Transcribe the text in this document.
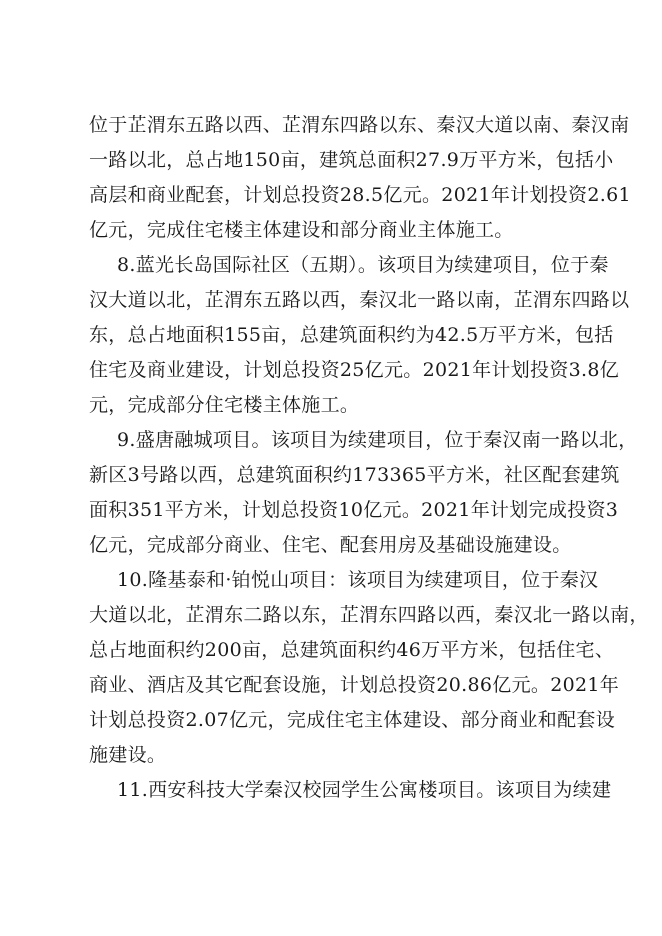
位于芷渭东五路以西、芷渭东四路以东、秦汉大道以南、秦汉南
一路以北，总占地150亩，建筑总面积27.9万平方米，包括小
高层和商业配套，计划总投资28.5亿元。2021年计划投资2.61
亿元，完成住宅楼主体建设和部分商业主体施工。
8.蓝光长岛国际社区（五期）。该项目为续建项目，位于秦
汉大道以北，芷渭东五路以西，秦汉北一路以南，芷渭东四路以
东，总占地面积155亩，总建筑面积约为42.5万平方米，包括
住宅及商业建设，计划总投资25亿元。2021年计划投资3.8亿
元，完成部分住宅楼主体施工。
9.盛唐融城项目。该项目为续建项目，位于秦汉南一路以北，
新区3号路以西，总建筑面积约173365平方米，社区配套建筑
面积351平方米，计划总投资10亿元。2021年计划完成投资3
亿元，完成部分商业、住宅、配套用房及基础设施建设。
10.隆基泰和·铂悦山项目：该项目为续建项目，位于秦汉
大道以北，芷渭东二路以东，芷渭东四路以西，秦汉北一路以南，
总占地面积约200亩，总建筑面积约46万平方米，包括住宅、
商业、酒店及其它配套设施，计划总投资20.86亿元。2021年
计划总投资2.07亿元，完成住宅主体建设、部分商业和配套设
施建设。
11.西安科技大学秦汉校园学生公寓楼项目。该项目为续建
